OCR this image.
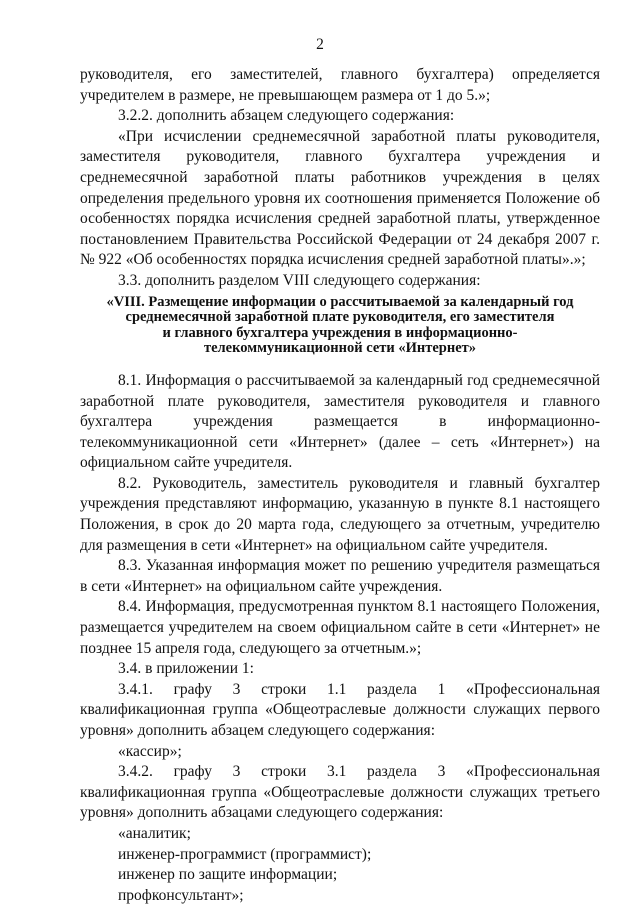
2

руководителя, его заместителей, главного бухгалтера) определяется учредителем в размере, не превышающем размера от 1 до 5.»;

3.2.2. дополнить абзацем следующего содержания:

«При исчислении среднемесячной заработной платы руководителя, заместителя руководителя, главного бухгалтера учреждения и среднемесячной заработной платы работников учреждения в целях определения предельного уровня их соотношения применяется Положение об особенностях порядка исчисления средней заработной платы, утвержденное постановлением Правительства Российской Федерации от 24 декабря 2007 г. № 922 «Об особенностях порядка исчисления средней заработной платы».»;

3.3. дополнить разделом VIII следующего содержания:

«VIII. Размещение информации о рассчитываемой за календарный год
среднемесячной заработной плате руководителя, его заместителя
и главного бухгалтера учреждения в информационно-
телекоммуникационной сети «Интернет»

8.1. Информация о рассчитываемой за календарный год среднемесячной заработной плате руководителя, заместителя руководителя и главного бухгалтера учреждения размещается в информационно-телекоммуникационной сети «Интернет» (далее – сеть «Интернет») на официальном сайте учредителя.

8.2. Руководитель, заместитель руководителя и главный бухгалтер учреждения представляют информацию, указанную в пункте 8.1 настоящего Положения, в срок до 20 марта года, следующего за отчетным, учредителю для размещения в сети «Интернет» на официальном сайте учредителя.

8.3. Указанная информация может по решению учредителя размещаться в сети «Интернет» на официальном сайте учреждения.

8.4. Информация, предусмотренная пунктом 8.1 настоящего Положения, размещается учредителем на своем официальном сайте в сети «Интернет» не позднее 15 апреля года, следующего за отчетным.»;

3.4. в приложении 1:

3.4.1. графу 3 строки 1.1 раздела 1 «Профессиональная квалификационная группа «Общеотраслевые должности служащих первого уровня» дополнить абзацем следующего содержания:

«кассир»;

3.4.2. графу 3 строки 3.1 раздела 3 «Профессиональная квалификационная группа «Общеотраслевые должности служащих третьего уровня» дополнить абзацами следующего содержания:

«аналитик;

инженер-программист (программист);

инженер по защите информации;

профконсультант»;
